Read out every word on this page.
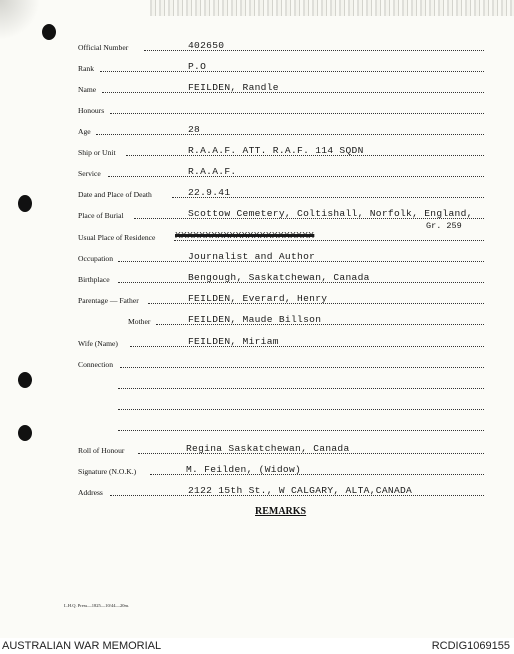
Official Number	402650
Rank	P.O
Name	FEILDEN, Randle
Honours
Age	28
Ship or Unit	R.A.A.F. ATT. R.A.F. 114 SQDN
Service	R.A.A.F.
Date and Place of Death	22.9.41
Place of Burial	Scottow Cemetery, Coltishall, Norfolk, England,
Gr. 259
Usual Place of Residence XXXXXXXXXXXXXXXXXXXXXXX
Occupation	Journalist and Author
Birthplace	Bengough, Saskatchewan, Canada
Parentage — Father	FEILDEN, Everard, Henry
Mother	FEILDEN, Maude Billson
Wife (Name)	FEILDEN, Miriam
Connection
Roll of Honour	Regina Saskatchewan, Canada
Signature (N.O.K.)	M. Feilden, (Widow)
Address	2122 15th St., W CALGARY, ALTA,CANADA
REMARKS
L.H.Q. Press—1825—10/44—20m.
AUSTRALIAN WAR MEMORIAL	RCDIG1069155
